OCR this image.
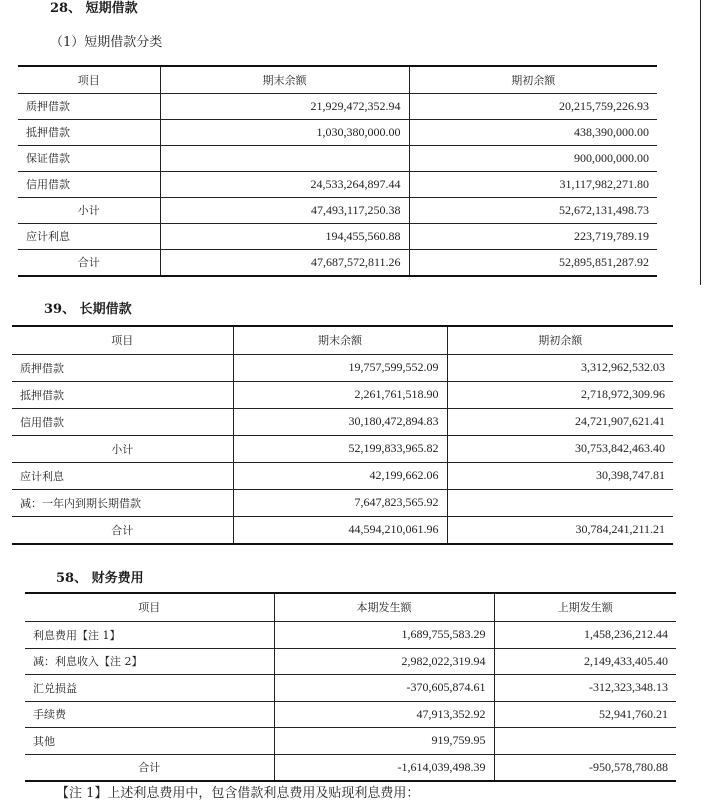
28、 短期借款
（1）短期借款分类
项目	期末余额	期初余额
质押借款	21,929,472,352.94	20,215,759,226.93
抵押借款	1,030,380,000.00	438,390,000.00
保证借款		900,000,000.00
信用借款	24,533,264,897.44	31,117,982,271.80
小计	47,493,117,250.38	52,672,131,498.73
应计利息	194,455,560.88	223,719,789.19
合计	47,687,572,811.26	52,895,851,287.92
39、 长期借款
项目	期末余额	期初余额
质押借款	19,757,599,552.09	3,312,962,532.03
抵押借款	2,261,761,518.90	2,718,972,309.96
信用借款	30,180,472,894.83	24,721,907,621.41
小计	52,199,833,965.82	30,753,842,463.40
应计利息	42,199,662.06	30,398,747.81
减：一年内到期长期借款	7,647,823,565.92	
合计	44,594,210,061.96	30,784,241,211.21
58、 财务费用
项目	本期发生额	上期发生额
利息费用【注 1】	1,689,755,583.29	1,458,236,212.44
减：利息收入【注 2】	2,982,022,319.94	2,149,433,405.40
汇兑损益	-370,605,874.61	-312,323,348.13
手续费	47,913,352.92	52,941,760.21
其他	919,759.95	
合计	-1,614,039,498.39	-950,578,780.88
【注 1】上述利息费用中，包含借款利息费用及贴现利息费用：
